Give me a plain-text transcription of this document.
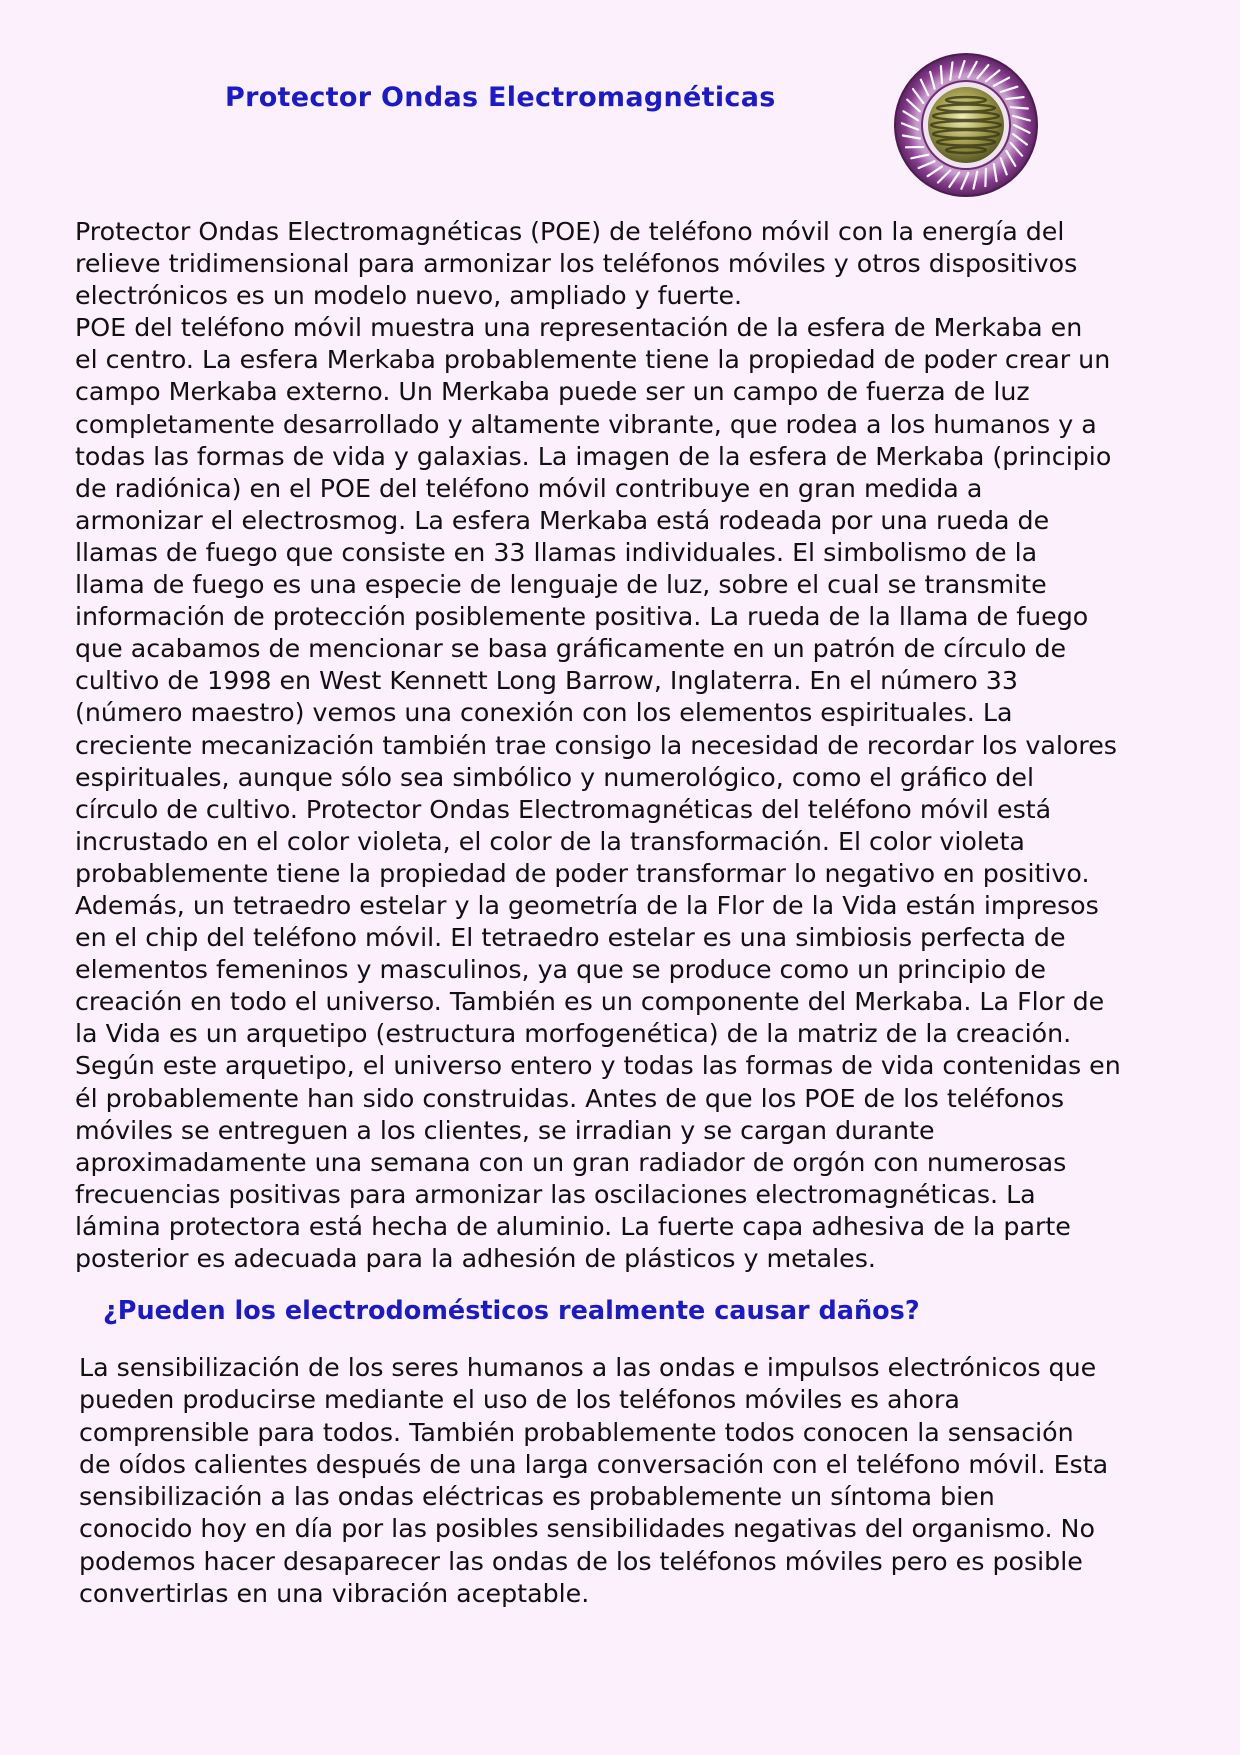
Protector Ondas Electromagnéticas

Protector Ondas Electromagnéticas (POE) de teléfono móvil con la energía del
relieve tridimensional para armonizar los teléfonos móviles y otros dispositivos
electrónicos es un modelo nuevo, ampliado y fuerte.
POE del teléfono móvil muestra una representación de la esfera de Merkaba en
el centro. La esfera Merkaba probablemente tiene la propiedad de poder crear un
campo Merkaba externo. Un Merkaba puede ser un campo de fuerza de luz
completamente desarrollado y altamente vibrante, que rodea a los humanos y a
todas las formas de vida y galaxias. La imagen de la esfera de Merkaba (principio
de radiónica) en el POE del teléfono móvil contribuye en gran medida a
armonizar el electrosmog. La esfera Merkaba está rodeada por una rueda de
llamas de fuego que consiste en 33 llamas individuales. El simbolismo de la
llama de fuego es una especie de lenguaje de luz, sobre el cual se transmite
información de protección posiblemente positiva. La rueda de la llama de fuego
que acabamos de mencionar se basa gráficamente en un patrón de círculo de
cultivo de 1998 en West Kennett Long Barrow, Inglaterra. En el número 33
(número maestro) vemos una conexión con los elementos espirituales. La
creciente mecanización también trae consigo la necesidad de recordar los valores
espirituales, aunque sólo sea simbólico y numerológico, como el gráfico del
círculo de cultivo. Protector Ondas Electromagnéticas del teléfono móvil está
incrustado en el color violeta, el color de la transformación. El color violeta
probablemente tiene la propiedad de poder transformar lo negativo en positivo.
Además, un tetraedro estelar y la geometría de la Flor de la Vida están impresos
en el chip del teléfono móvil. El tetraedro estelar es una simbiosis perfecta de
elementos femeninos y masculinos, ya que se produce como un principio de
creación en todo el universo. También es un componente del Merkaba. La Flor de
la Vida es un arquetipo (estructura morfogenética) de la matriz de la creación.
Según este arquetipo, el universo entero y todas las formas de vida contenidas en
él probablemente han sido construidas. Antes de que los POE de los teléfonos
móviles se entreguen a los clientes, se irradian y se cargan durante
aproximadamente una semana con un gran radiador de orgón con numerosas
frecuencias positivas para armonizar las oscilaciones electromagnéticas. La
lámina protectora está hecha de aluminio. La fuerte capa adhesiva de la parte
posterior es adecuada para la adhesión de plásticos y metales.

¿Pueden los electrodomésticos realmente causar daños?

La sensibilización de los seres humanos a las ondas e impulsos electrónicos que
pueden producirse mediante el uso de los teléfonos móviles es ahora
comprensible para todos. También probablemente todos conocen la sensación
de oídos calientes después de una larga conversación con el teléfono móvil. Esta
sensibilización a las ondas eléctricas es probablemente un síntoma bien
conocido hoy en día por las posibles sensibilidades negativas del organismo. No
podemos hacer desaparecer las ondas de los teléfonos móviles pero es posible
convertirlas en una vibración aceptable.
